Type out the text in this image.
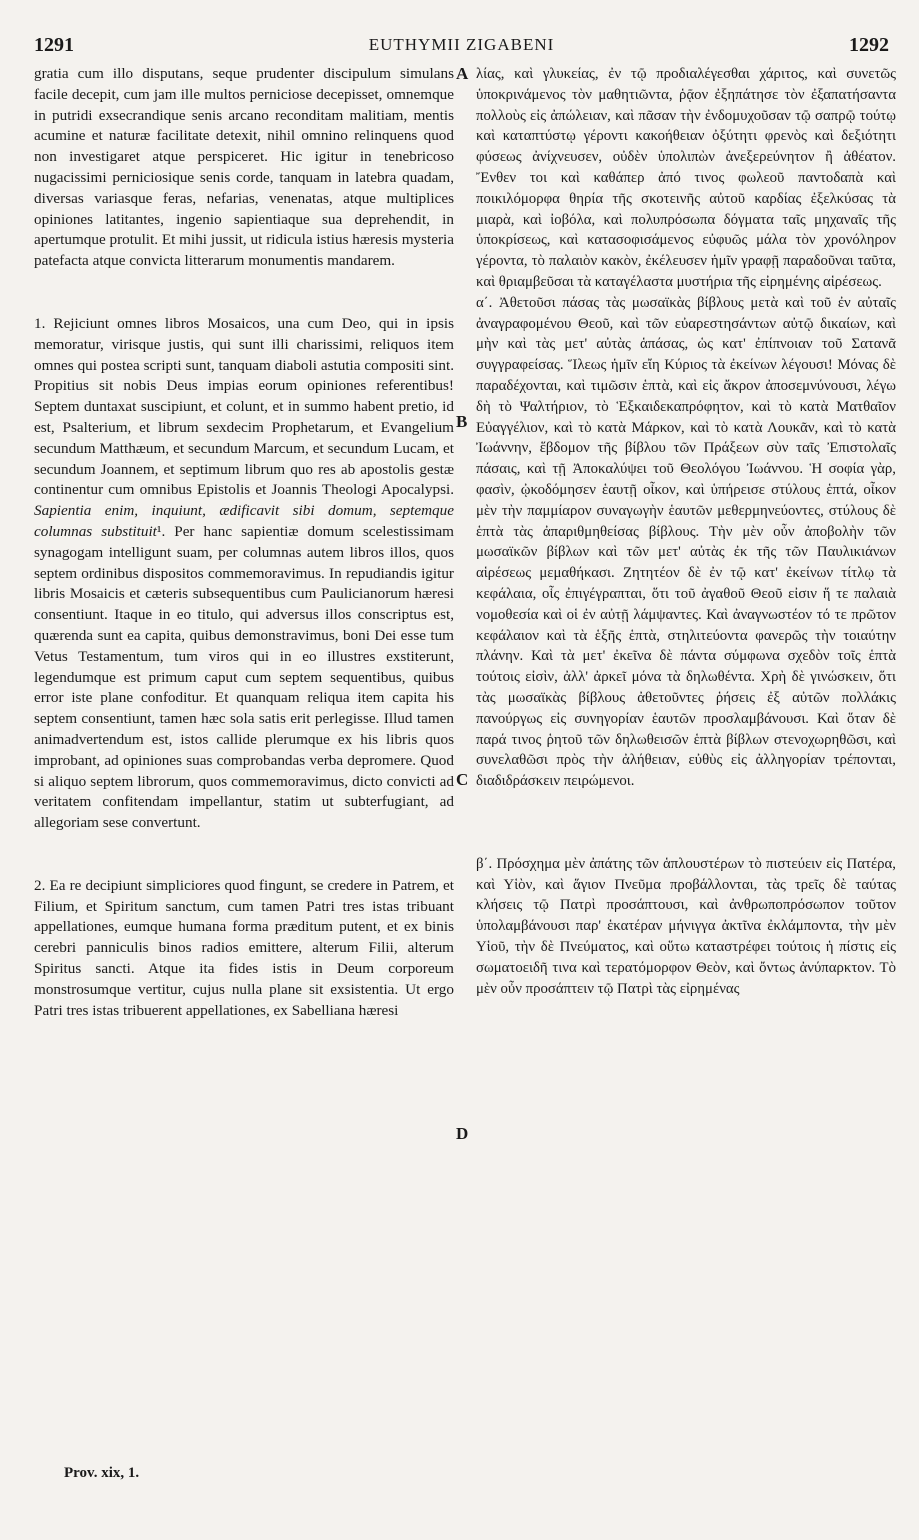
1291	EUTHYMII ZIGABENI	1292

gratia cum illo disputans, seque prudenter discipulum simulans facile decepit, cum jam ille multos perniciose decepisset, omnemque in putridi exsecrandique senis arcano reconditam malitiam, mentis acumine et naturæ facilitate detexit, nihil omnino relinquens quod non investigaret atque perspiceret. Hic igitur in tenebricoso nugacissimi perniciosique senis corde, tanquam in latebra quadam, diversas variasque feras, nefarias, venenatas, atque multiplices opiniones latitantes, ingenio sapientiaque sua deprehendit, in apertumque protulit. Et mihi jussit, ut ridicula istius hæresis mysteria patefacta atque convicta litterarum monumentis mandarem.

1. Rejiciunt omnes libros Mosaicos, una cum Deo, qui in ipsis memoratur, virisque justis, qui sunt illi charissimi, reliquos item omnes qui postea scripti sunt, tanquam diaboli astutia compositi sint. Propitius sit nobis Deus impias eorum opiniones referentibus! Septem duntaxat suscipiunt, et colunt, et in summo habent pretio, id est, Psalterium, et librum sexdecim Prophetarum, et Evangelium secundum Matthæum, et secundum Marcum, et secundum Lucam, et secundum Joannem, et septimum librum quo res ab apostolis gestæ continentur cum omnibus Epistolis et Joannis Theologi Apocalypsi. Sapientia enim, inquiunt, ædificavit sibi domum, septemque columnas substituit¹. Per hanc sapientiæ domum scelestissimam synagogam intelligunt suam, per columnas autem libros illos, quos septem ordinibus dispositos commemoravimus. In repudiandis igitur libris Mosaicis et cæteris subsequentibus cum Paulicianorum hæresi consentiunt. Itaque in eo titulo, qui adversus illos conscriptus est, quærenda sunt ea capita, quibus demonstravimus, boni Dei esse tum Vetus Testamentum, tum viros qui in eo illustres exstiterunt, legendumque est primum caput cum septem sequentibus, quibus error iste plane confoditur. Et quanquam reliqua item capita his septem consentiunt, tamen hæc sola satis erit perlegisse. Illud tamen animadvertendum est, istos callide plerumque ex his libris quos improbant, ad opiniones suas comprobandas verba depromere. Quod si aliquo septem librorum, quos commemoravimus, dicto convicti ad veritatem confitendam impellantur, statim ut subterfugiant, ad allegoriam sese convertunt.

2. Ea re decipiunt simpliciores quod fingunt, se credere in Patrem, et Filium, et Spiritum sanctum, cum tamen Patri tres istas tribuant appellationes, eumque humana forma præditum putent, et ex binis cerebri panniculis binos radios emittere, alterum Filii, alterum Spiritus sancti. Atque ita fides istis in Deum corporeum monstrosumque vertitur, cujus nulla plane sit exsistentia. Ut ergo Patri tres istas tribuerent appellationes, ex Sabelliana hæresi

A
B
C
D

λίας, καὶ γλυκείας, ἐν τῷ προδιαλέγεσθαι χάριτος, καὶ συνετῶς ὑποκρινάμενος τὸν μαθητιῶντα, ῥᾷον ἐξηπάτησε τὸν ἐξαπατήσαντα πολλοὺς εἰς ἀπώλειαν, καὶ πᾶσαν τὴν ἐνδομυχοῦσαν τῷ σαπρῷ τούτῳ καὶ καταπτύστῳ γέροντι κακοήθειαν ὀξύτητι φρενὸς καὶ δεξιότητι φύσεως ἀνίχνευσεν, οὐδὲν ὑπολιπὼν ἀνεξερεύνητον ἢ ἀθέατον. Ἔνθεν τοι καὶ καθάπερ ἀπό τινος φωλεοῦ παντοδαπὰ καὶ ποικιλόμορφα θηρία τῆς σκοτεινῆς αὐτοῦ καρδίας ἐξελκύσας τὰ μιαρὰ, καὶ ἰοβόλα, καὶ πολυπρόσωπα δόγματα ταῖς μηχαναῖς τῆς ὑποκρίσεως, καὶ κατασοφισάμενος εὐφυῶς μάλα τὸν χρονόληρον γέροντα, τὸ παλαιὸν κακὸν, ἐκέλευσεν ἡμῖν γραφῇ παραδοῦναι ταῦτα, καὶ θριαμβεῦσαι τὰ καταγέλαστα μυστήρια τῆς εἰρημένης αἱρέσεως.

α΄. Ἀθετοῦσι πάσας τὰς μωσαϊκὰς βίβλους μετὰ καὶ τοῦ ἐν αὐταῖς ἀναγραφομένου Θεοῦ, καὶ τῶν εὐαρεστησάντων αὐτῷ δικαίων, καὶ μὴν καὶ τὰς μετ' αὐτὰς ἁπάσας, ὡς κατ' ἐπίπνοιαν τοῦ Σατανᾶ συγγραφείσας. Ἵλεως ἡμῖν εἴη Κύριος τὰ ἐκείνων λέγουσι! Μόνας δὲ παραδέχονται, καὶ τιμῶσιν ἑπτὰ, καὶ εἰς ἄκρον ἀποσεμνύνουσι, λέγω δὴ τὸ Ψαλτήριον, τὸ Ἑξκαιδεκαπρόφητον, καὶ τὸ κατὰ Ματθαῖον Εὐαγγέλιον, καὶ τὸ κατὰ Μάρκον, καὶ τὸ κατὰ Λουκᾶν, καὶ τὸ κατὰ Ἰωάννην, ἕβδομον τῆς βίβλου τῶν Πράξεων σὺν ταῖς Ἐπιστολαῖς πάσαις, καὶ τῇ Ἀποκαλύψει τοῦ Θεολόγου Ἰωάννου. Ἡ σοφία γὰρ, φασὶν, ᾠκοδόμησεν ἑαυτῇ οἶκον, καὶ ὑπήρεισε στύλους ἑπτά, οἶκον μὲν τὴν παμμίαρον συναγωγὴν ἑαυτῶν μεθερμηνεύοντες, στύλους δὲ ἑπτὰ τὰς ἀπαριθμηθείσας βίβλους. Τὴν μὲν οὖν ἀποβολὴν τῶν μωσαϊκῶν βίβλων καὶ τῶν μετ' αὐτὰς ἐκ τῆς τῶν Παυλικιάνων αἱρέσεως μεμαθήκασι. Ζητητέον δὲ ἐν τῷ κατ' ἐκείνων τίτλῳ τὰ κεφάλαια, οἷς ἐπιγέγραπται, ὅτι τοῦ ἀγαθοῦ Θεοῦ εἰσιν ἥ τε παλαιὰ νομοθεσία καὶ οἱ ἐν αὐτῇ λάμψαντες. Καὶ ἀναγνωστέον τό τε πρῶτον κεφάλαιον καὶ τὰ ἑξῆς ἑπτὰ, στηλιτεύοντα φανερῶς τὴν τοιαύτην πλάνην. Καὶ τὰ μετ' ἐκεῖνα δὲ πάντα σύμφωνα σχεδὸν τοῖς ἑπτὰ τούτοις εἰσὶν, ἀλλ' ἀρκεῖ μόνα τὰ δηλωθέντα. Χρὴ δὲ γινώσκειν, ὅτι τὰς μωσαϊκὰς βίβλους ἀθετοῦντες ῥήσεις ἐξ αὐτῶν πολλάκις πανούργως εἰς συνηγορίαν ἑαυτῶν προσλαμβάνουσι. Καὶ ὅταν δὲ παρά τινος ῥητοῦ τῶν δηλωθεισῶν ἑπτὰ βίβλων στενοχωρηθῶσι, καὶ συνελαθῶσι πρὸς τὴν ἀλήθειαν, εὐθὺς εἰς ἀλληγορίαν τρέπονται, διαδιδράσκειν πειρώμενοι.

β΄. Πρόσχημα μὲν ἀπάτης τῶν ἁπλουστέρων τὸ πιστεύειν εἰς Πατέρα, καὶ Υἱὸν, καὶ ἅγιον Πνεῦμα προβάλλονται, τὰς τρεῖς δὲ ταύτας κλήσεις τῷ Πατρὶ προσάπτουσι, καὶ ἀνθρωποπρόσωπον τοῦτον ὑπολαμβάνουσι παρ' ἑκατέραν μήνιγγα ἀκτῖνα ἐκλάμποντα, τὴν μὲν Υἱοῦ, τὴν δὲ Πνεύματος, καὶ οὕτω καταστρέφει τούτοις ἡ πίστις εἰς σωματοειδῆ τινα καὶ τερατόμορφον Θεὸν, καὶ ὄντως ἀνύπαρκτον. Τὸ μὲν οὖν προσάπτειν τῷ Πατρὶ τὰς εἰρημένας

Prov. xix, 1.
